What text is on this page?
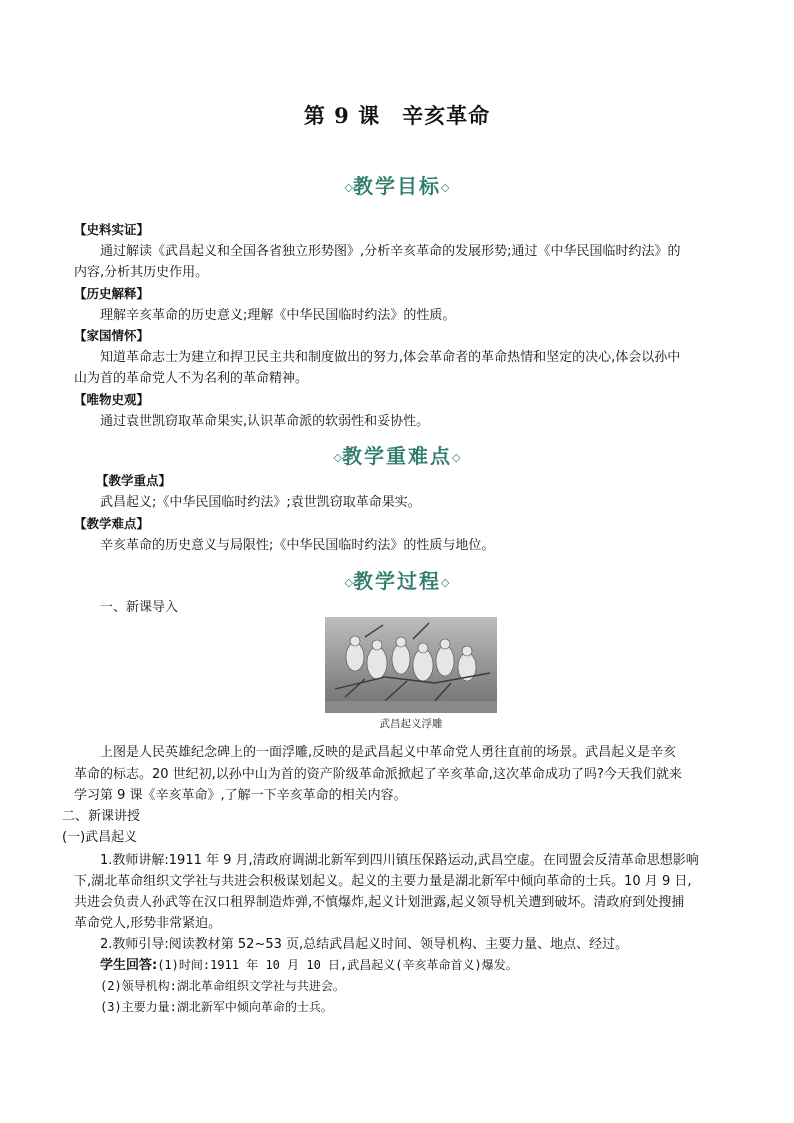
第 9 课　辛亥革命
◇教学目标◇
【史料实证】
通过解读《武昌起义和全国各省独立形势图》,分析辛亥革命的发展形势;通过《中华民国临时约法》的
内容,分析其历史作用。
【历史解释】
理解辛亥革命的历史意义;理解《中华民国临时约法》的性质。
【家国情怀】
知道革命志士为建立和捍卫民主共和制度做出的努力,体会革命者的革命热情和坚定的决心,体会以孙中
山为首的革命党人不为名利的革命精神。
【唯物史观】
通过袁世凯窃取革命果实,认识革命派的软弱性和妥协性。
◇教学重难点◇
【教学重点】
武昌起义;《中华民国临时约法》;袁世凯窃取革命果实。
【教学难点】
辛亥革命的历史意义与局限性;《中华民国临时约法》的性质与地位。
◇教学过程◇
一、新课导入
武昌起义浮雕
上图是人民英雄纪念碑上的一面浮雕,反映的是武昌起义中革命党人勇往直前的场景。武昌起义是辛亥
革命的标志。20 世纪初,以孙中山为首的资产阶级革命派掀起了辛亥革命,这次革命成功了吗?今天我们就来
学习第 9 课《辛亥革命》,了解一下辛亥革命的相关内容。
二、新课讲授
(一)武昌起义
1.教师讲解:1911 年 9 月,清政府调湖北新军到四川镇压保路运动,武昌空虚。在同盟会反清革命思想影响
下,湖北革命组织文学社与共进会积极谋划起义。起义的主要力量是湖北新军中倾向革命的士兵。10 月 9 日,
共进会负责人孙武等在汉口租界制造炸弹,不慎爆炸,起义计划泄露,起义领导机关遭到破坏。清政府到处搜捕
革命党人,形势非常紧迫。
2.教师引导:阅读教材第 52~53 页,总结武昌起义时间、领导机构、主要力量、地点、经过。
学生回答:(1)时间:1911 年 10 月 10 日,武昌起义(辛亥革命首义)爆发。
(2)领导机构:湖北革命组织文学社与共进会。
(3)主要力量:湖北新军中倾向革命的士兵。
